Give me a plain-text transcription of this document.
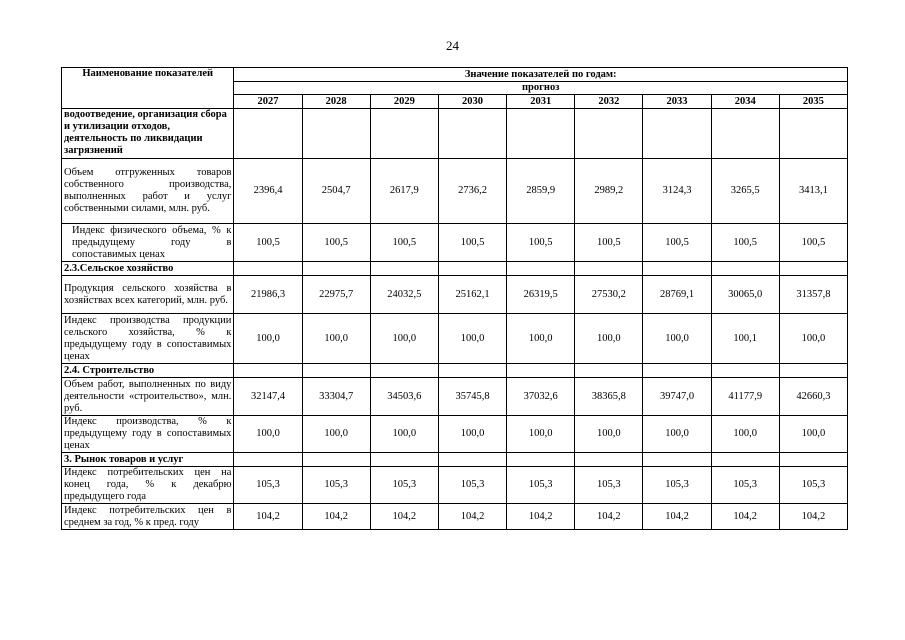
24
Наименование показателей	Значение показателей по годам:								
	прогноз								
	2027	2028	2029	2030	2031	2032	2033	2034	2035
водоотведение, организация сбора и утилизации отходов, деятельность по ликвидации загрязнений									
Объем отгруженных товаров собственного производства, выполненных работ и услуг собственными силами, млн. руб.	2396,4	2504,7	2617,9	2736,2	2859,9	2989,2	3124,3	3265,5	3413,1
Индекс физического объема, % к предыдущему году в сопоставимых ценах	100,5	100,5	100,5	100,5	100,5	100,5	100,5	100,5	100,5
2.3.Сельское хозяйство									
Продукция сельского хозяйства в хозяйствах всех категорий, млн. руб.	21986,3	22975,7	24032,5	25162,1	26319,5	27530,2	28769,1	30065,0	31357,8
Индекс производства продукции сельского хозяйства, % к предыдущему году в сопоставимых ценах	100,0	100,0	100,0	100,0	100,0	100,0	100,0	100,1	100,0
2.4. Строительство									
Объем работ, выполненных по виду деятельности «строительство», млн. руб.	32147,4	33304,7	34503,6	35745,8	37032,6	38365,8	39747,0	41177,9	42660,3
Индекс производства, % к предыдущему году в сопоставимых ценах	100,0	100,0	100,0	100,0	100,0	100,0	100,0	100,0	100,0
3. Рынок товаров и услуг									
Индекс потребительских цен на конец года, % к декабрю предыдущего года	105,3	105,3	105,3	105,3	105,3	105,3	105,3	105,3	105,3
Индекс потребительских цен в среднем за год, % к пред. году	104,2	104,2	104,2	104,2	104,2	104,2	104,2	104,2	104,2
